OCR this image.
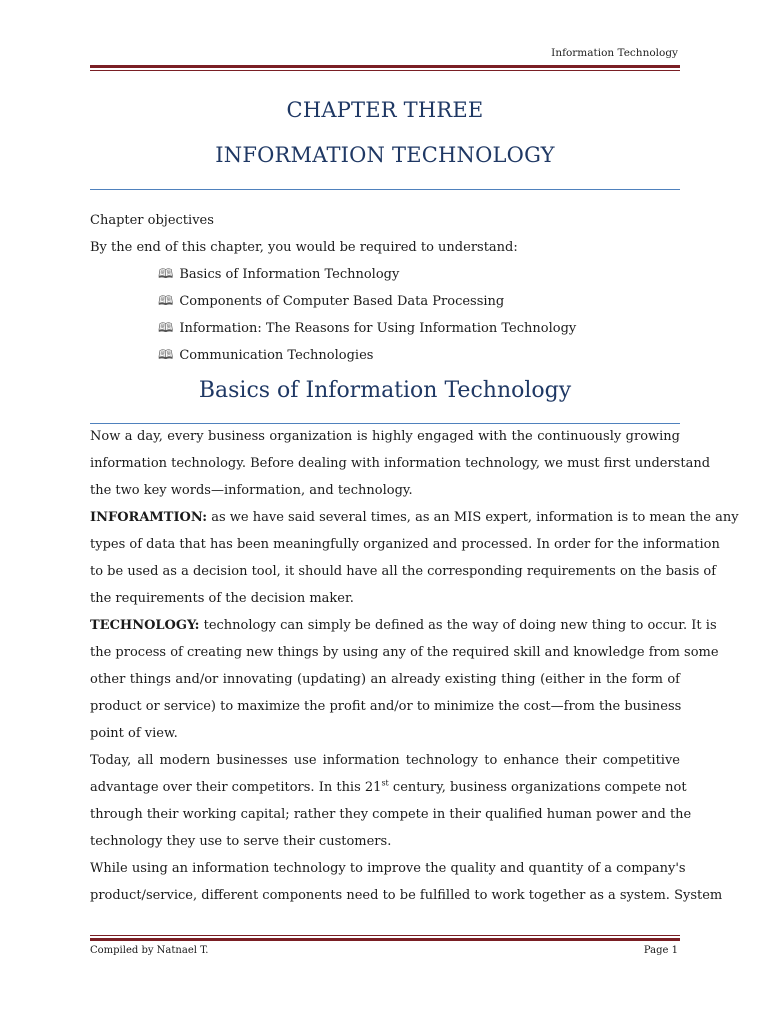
Information Technology
CHAPTER THREE
INFORMATION TECHNOLOGY
Chapter objectives
By the end of this chapter, you would be required to understand:
🕮 Basics of Information Technology
🕮 Components of Computer Based Data Processing
🕮 Information: The Reasons for Using Information Technology
🕮 Communication Technologies
Basics of Information Technology
Now a day, every business organization is highly engaged with the continuously growing
information technology. Before dealing with information technology, we must first understand
the two key words—information, and technology.
INFORAMTION: as we have said several times, as an MIS expert, information is to mean the any
types of data that has been meaningfully organized and processed. In order for the information
to be used as a decision tool, it should have all the corresponding requirements on the basis of
the requirements of the decision maker.
TECHNOLOGY: technology can simply be defined as the way of doing new thing to occur. It is
the process of creating new things by using any of the required skill and knowledge from some
other things and/or innovating (updating) an already existing thing (either in the form of
product or service) to maximize the profit and/or to minimize the cost—from the business
point of view.
Today, all modern businesses use information technology to enhance their competitive
advantage over their competitors. In this 21st century, business organizations compete not
through their working capital; rather they compete in their qualified human power and the
technology they use to serve their customers.
While using an information technology to improve the quality and quantity of a company's
product/service, different components need to be fulfilled to work together as a system. System
Compiled by Natnael T.	Page 1
